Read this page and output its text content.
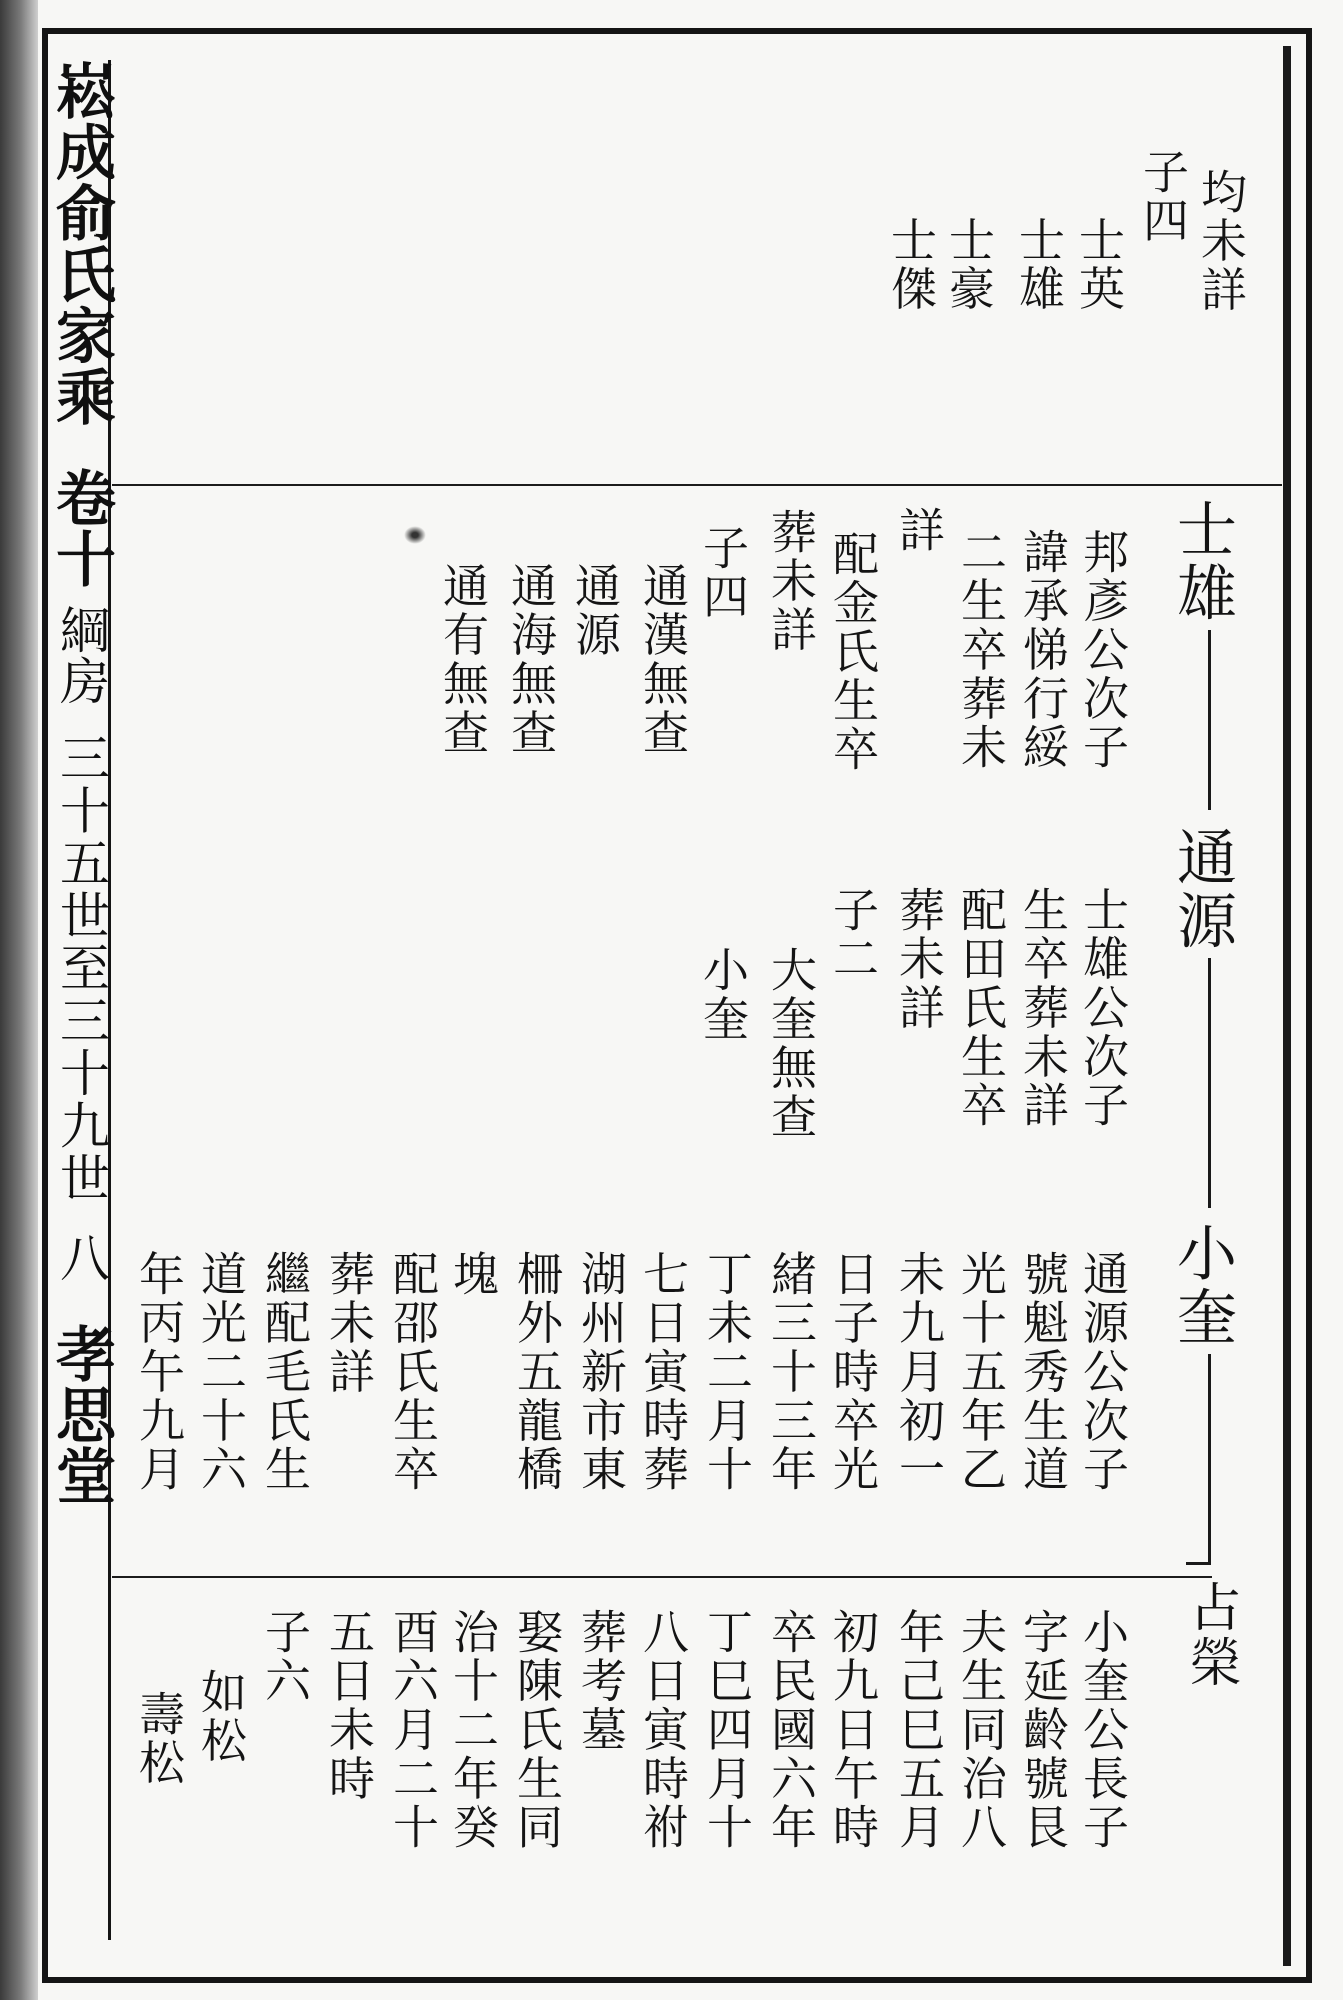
崧成俞氏家乘
卷十
綱房
三十五世至三十九世
八
孝思堂
均未詳
子四
士英
士雄
士豪
士傑
士雄
通源
小奎
占榮
邦彥公次子
諱承悌行綏
二生卒葬未
詳
配金氏生卒
葬未詳
子四
通漢無查
通源
通海無查
通有無查
士雄公次子
生卒葬未詳
配田氏生卒
葬未詳
子二
大奎無查
小奎
通源公次子
號魁秀生道
光十五年乙
未九月初一
日子時卒光
緒三十三年
丁未二月十
七日寅時葬
湖州新市東
柵外五龍橋
塊
配邵氏生卒
葬未詳
繼配毛氏生
道光二十六
年丙午九月
小奎公長子
字延齡號艮
夫生同治八
年己巳五月
初九日午時
卒民國六年
丁巳四月十
八日寅時祔
葬考墓
娶陳氏生同
治十二年癸
酉六月二十
五日未時
子六
如松
壽松
